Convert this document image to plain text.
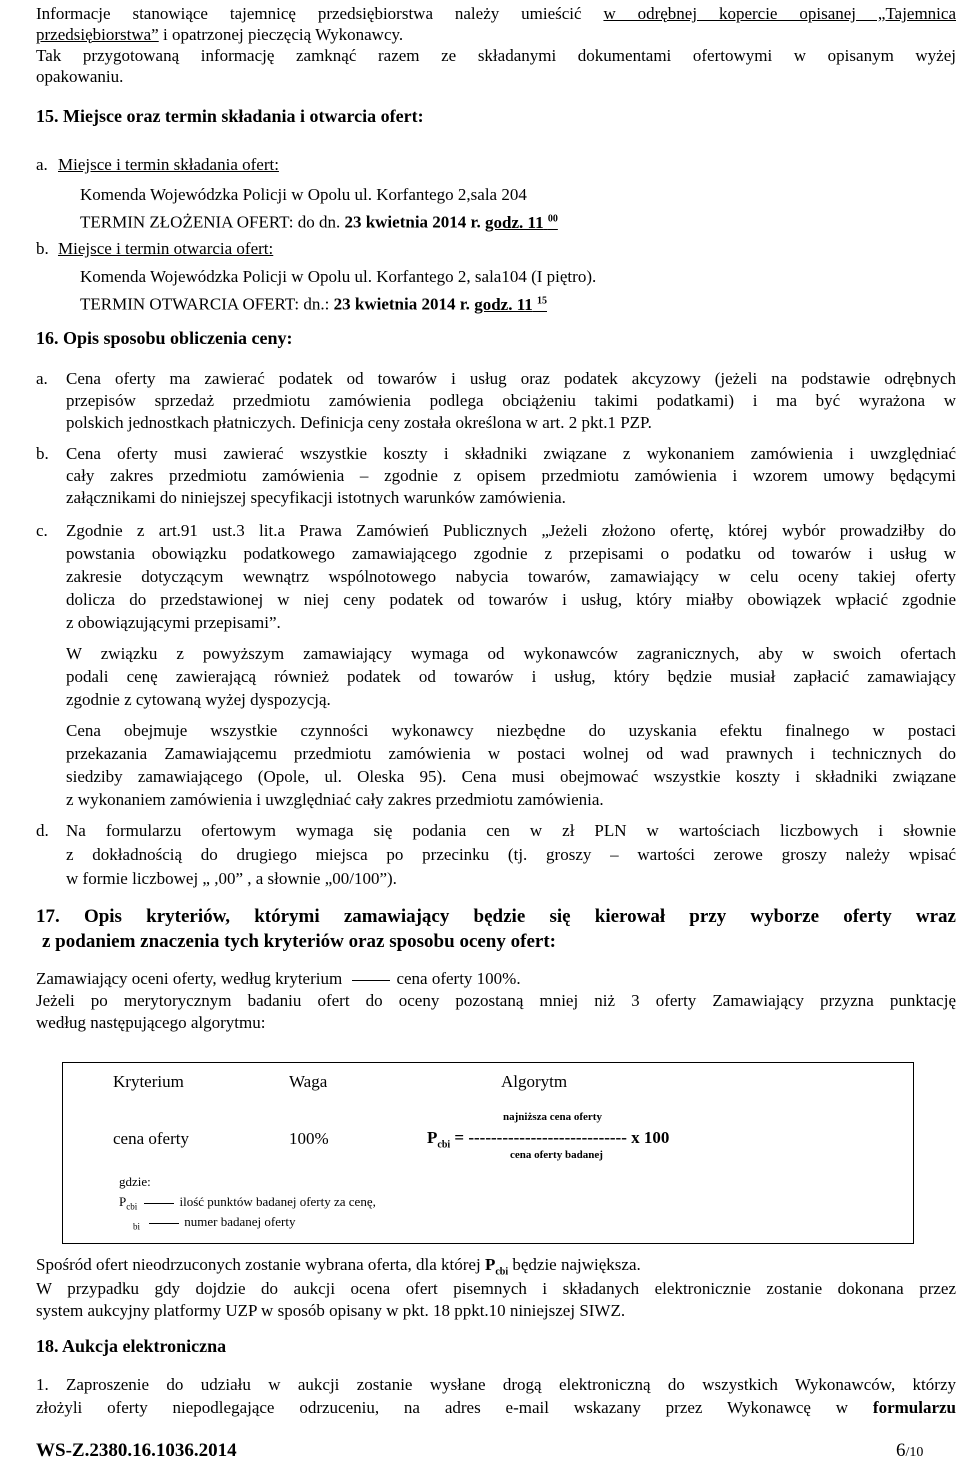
Informacje stanowiące tajemnicę przedsiębiorstwa należy umieścić w odrębnej kopercie opisanej „Tajemnica
przedsiębiorstwa” i opatrzonej pieczęcią Wykonawcy.
Tak przygotowaną informację zamknąć razem ze składanymi dokumentami ofertowymi w opisanym wyżej
opakowaniu.
15. Miejsce oraz termin składania i otwarcia ofert:
a. Miejsce i termin składania ofert:
Komenda Wojewódzka Policji w Opolu ul. Korfantego 2,sala 204
TERMIN ZŁOŻENIA OFERT: do dn. 23 kwietnia 2014 r. godz. 11 $^{00}$
b. Miejsce i termin otwarcia ofert:
Komenda Wojewódzka Policji w Opolu ul. Korfantego 2, sala104 (I piętro).
TERMIN OTWARCIA OFERT: dn.: 23 kwietnia 2014 r. godz. 11 $^{15}$
16. Opis sposobu obliczenia ceny:
a. Cena oferty ma zawierać podatek od towarów i usług oraz podatek akcyzowy (jeżeli na podstawie odrębnych
przepisów sprzedaż przedmiotu zamówienia podlega obciążeniu takimi podatkami) i ma być wyrażona w
polskich jednostkach płatniczych. Definicja ceny została określona w art. 2 pkt.1 PZP.
b. Cena oferty musi zawierać wszystkie koszty i składniki związane z wykonaniem zamówienia i uwzględniać
cały zakres przedmiotu zamówienia – zgodnie z opisem przedmiotu zamówienia i wzorem umowy będącymi
załącznikami do niniejszej specyfikacji istotnych warunków zamówienia.
c. Zgodnie z art.91 ust.3 lit.a Prawa Zamówień Publicznych „Jeżeli złożono ofertę, której wybór prowadziłby do
powstania obowiązku podatkowego zamawiającego zgodnie z przepisami o podatku od towarów i usług w
zakresie dotyczącym wewnątrz wspólnotowego nabycia towarów, zamawiający w celu oceny takiej oferty
dolicza do przedstawionej w niej ceny podatek od towarów i usług, który miałby obowiązek wpłacić zgodnie
z obowiązującymi przepisami”.
W związku z powyższym zamawiający wymaga od wykonawców zagranicznych, aby w swoich ofertach
podali cenę zawierającą również podatek od towarów i usług, który będzie musiał zapłacić zamawiający
zgodnie z cytowaną wyżej dyspozycją.
Cena obejmuje wszystkie czynności wykonawcy niezbędne do uzyskania efektu finalnego w postaci
przekazania Zamawiającemu przedmiotu zamówienia w postaci wolnej od wad prawnych i technicznych do
siedziby zamawiającego (Opole, ul. Oleska 95). Cena musi obejmować wszystkie koszty i składniki związane
z wykonaniem zamówienia i uwzględniać cały zakres przedmiotu zamówienia.
d. Na formularzu ofertowym wymaga się podania cen w zł PLN w wartościach liczbowych i słownie
z dokładnością do drugiego miejsca po przecinku (tj. groszy – wartości zerowe groszy należy wpisać
w formie liczbowej „ ,00” , a słownie „00/100”).
17. Opis kryteriów, którymi zamawiający będzie się kierował przy wyborze oferty wraz
z podaniem znaczenia tych kryteriów oraz sposobu oceny ofert:
Zamawiający oceni oferty, według kryterium	cena oferty 100%.
Jeżeli po merytorycznym badaniu ofert do oceny pozostaną mniej niż 3 oferty Zamawiający przyzna punktację
według następującego algorytmu:
Kryterium	Waga	Algorytm
cena oferty	100%
najniższa cena oferty
$P_{cbi}$ = ---------------------------- x 100
cena oferty badanej
gdzie:
$P_{cbi}$	ilość punktów badanej oferty za cenę,
$_{bi}$	numer badanej oferty
Spośród ofert nieodrzuconych zostanie wybrana oferta, dla której $P_{cbi}$ będzie największa.
W przypadku gdy dojdzie do aukcji ocena ofert pisemnych i składanych elektronicznie zostanie dokonana przez
system aukcyjny platformy UZP w sposób opisany w pkt. 18 ppkt.10 niniejszej SIWZ.
18. Aukcja elektroniczna
1. Zaproszenie do udziału w aukcji zostanie wysłane drogą elektroniczną do wszystkich Wykonawców, którzy
złożyli oferty niepodlegające odrzuceniu, na adres e-mail wskazany przez Wykonawcę w formularzu
WS-Z.2380.16.1036.2014	6/10
